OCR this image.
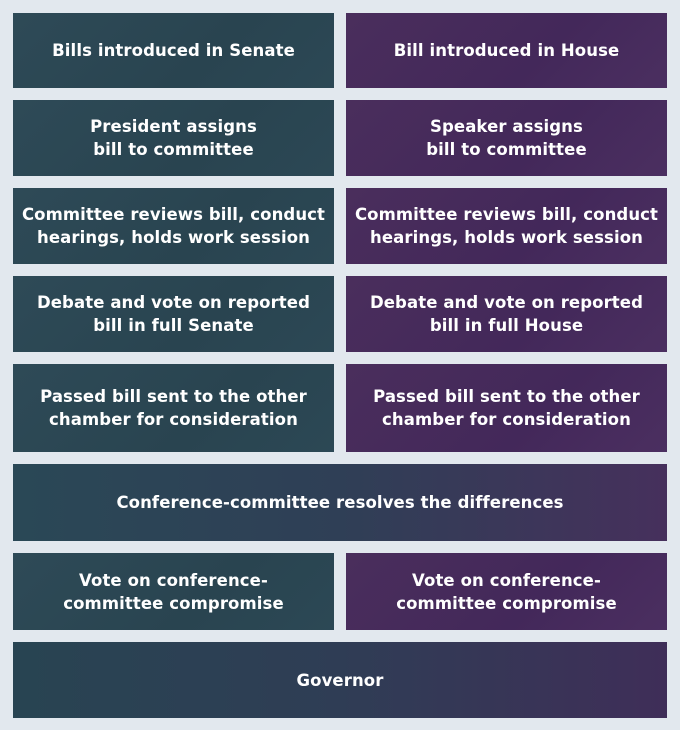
Bills introduced in Senate	Bill introduced in House
President assigns
bill to committee
Speaker assigns
bill to committee
Committee reviews bill, conduct
hearings, holds work session
Committee reviews bill, conduct
hearings, holds work session
Debate and vote on reported
bill in full Senate
Debate and vote on reported
bill in full House
Passed bill sent to the other
chamber for consideration
Passed bill sent to the other
chamber for consideration
Conference-committee resolves the differences
Vote on conference-
committee compromise
Vote on conference-
committee compromise
Governor
